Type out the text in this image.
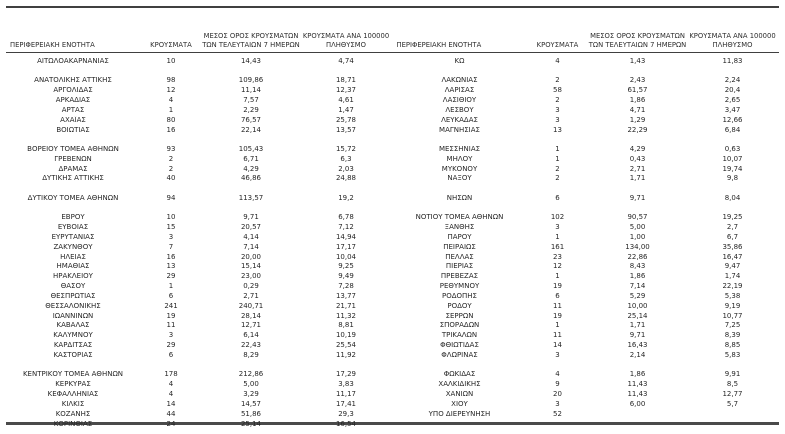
ΠΕΡΙΦΕΡΕΙΑΚΗ ΕΝΟΤΗΤΑ	ΚΡΟΥΣΜΑΤΑ
ΜΕΣΟΣ ΟΡΟΣ ΚΡΟΥΣΜΑΤΩΝ ΤΩΝ ΤΕΛΕΥΤΑΙΩΝ 7 ΗΜΕΡΩΝ
ΚΡΟΥΣΜΑΤΑ ΑΝΑ 100000 ΠΛΗΘΥΣΜΟ	ΠΕΡΙΦΕΡΕΙΑΚΗ ΕΝΟΤΗΤΑ	ΚΡΟΥΣΜΑΤΑ
ΜΕΣΟΣ ΟΡΟΣ ΚΡΟΥΣΜΑΤΩΝ ΤΩΝ ΤΕΛΕΥΤΑΙΩΝ 7 ΗΜΕΡΩΝ
ΚΡΟΥΣΜΑΤΑ ΑΝΑ 100000 ΠΛΗΘΥΣΜΟ
ΑΙΤΩΛΟΑΚΑΡΝΑΝΙΑΣ	10	14,43	4,74
ΑΝΑΤΟΛΙΚΗΣ ΑΤΤΙΚΗΣ	98	109,86	18,71
ΑΡΓΟΛΙΔΑΣ	12	11,14	12,37
ΑΡΚΑΔΙΑΣ	4	7,57	4,61
ΑΡΤΑΣ	1	2,29	1,47
ΑΧΑΪΑΣ	80	76,57	25,78
ΒΟΙΩΤΙΑΣ	16	22,14	13,57
ΒΟΡΕΙΟΥ ΤΟΜΕΑ ΑΘΗΝΩΝ	93	105,43	15,72
ΓΡΕΒΕΝΩΝ	2	6,71	6,3
ΔΡΑΜΑΣ	2	4,29	2,03
ΔΥΤΙΚΗΣ ΑΤΤΙΚΗΣ	40	46,86	24,88
ΔΥΤΙΚΟΥ ΤΟΜΕΑ ΑΘΗΝΩΝ	94	113,57	19,2
ΕΒΡΟΥ	10	9,71	6,78
ΕΥΒΟΙΑΣ	15	20,57	7,12
ΕΥΡΥΤΑΝΙΑΣ	3	4,14	14,94
ΖΑΚΥΝΘΟΥ	7	7,14	17,17
ΗΛΕΙΑΣ	16	20,00	10,04
ΗΜΑΘΙΑΣ	13	15,14	9,25
ΗΡΑΚΛΕΙΟΥ	29	23,00	9,49
ΘΑΣΟΥ	1	0,29	7,28
ΘΕΣΠΡΩΤΙΑΣ	6	2,71	13,77
ΘΕΣΣΑΛΟΝΙΚΗΣ	241	240,71	21,71
ΙΩΑΝΝΙΝΩΝ	19	28,14	11,32
ΚΑΒΑΛΑΣ	11	12,71	8,81
ΚΑΛΥΜΝΟΥ	3	6,14	10,19
ΚΑΡΔΙΤΣΑΣ	29	22,43	25,54
ΚΑΣΤΟΡΙΑΣ	6	8,29	11,92
ΚΕΝΤΡΙΚΟΥ ΤΟΜΕΑ ΑΘΗΝΩΝ	178	212,86	17,29
ΚΕΡΚΥΡΑΣ	4	5,00	3,83
ΚΕΦΑΛΛΗΝΙΑΣ	4	3,29	11,17
ΚΙΛΚΙΣ	14	14,57	17,41
ΚΟΖΑΝΗΣ	44	51,86	29,3
ΚΟΡΙΝΘΙΑΣ	24	25,14	16,54
ΚΩ	4	1,43	11,83
ΛΑΚΩΝΙΑΣ	2	2,43	2,24
ΛΑΡΙΣΑΣ	58	61,57	20,4
ΛΑΣΙΘΙΟΥ	2	1,86	2,65
ΛΕΣΒΟΥ	3	4,71	3,47
ΛΕΥΚΑΔΑΣ	3	1,29	12,66
ΜΑΓΝΗΣΙΑΣ	13	22,29	6,84
ΜΕΣΣΗΝΙΑΣ	1	4,29	0,63
ΜΗΛΟΥ	1	0,43	10,07
ΜΥΚΟΝΟΥ	2	2,71	19,74
ΝΑΞΟΥ	2	1,71	9,8
ΝΗΣΩΝ	6	9,71	8,04
ΝΟΤΙΟΥ ΤΟΜΕΑ ΑΘΗΝΩΝ	102	90,57	19,25
ΞΑΝΘΗΣ	3	5,00	2,7
ΠΑΡΟΥ	1	1,00	6,7
ΠΕΙΡΑΙΩΣ	161	134,00	35,86
ΠΕΛΛΑΣ	23	22,86	16,47
ΠΙΕΡΙΑΣ	12	8,43	9,47
ΠΡΕΒΕΖΑΣ	1	1,86	1,74
ΡΕΘΥΜΝΟΥ	19	7,14	22,19
ΡΟΔΟΠΗΣ	6	5,29	5,38
ΡΟΔΟΥ	11	10,00	9,19
ΣΕΡΡΩΝ	19	25,14	10,77
ΣΠΟΡΑΔΩΝ	1	1,71	7,25
ΤΡΙΚΑΛΩΝ	11	9,71	8,39
ΦΘΙΩΤΙΔΑΣ	14	16,43	8,85
ΦΛΩΡΙΝΑΣ	3	2,14	5,83
ΦΩΚΙΔΑΣ	4	1,86	9,91
ΧΑΛΚΙΔΙΚΗΣ	9	11,43	8,5
ΧΑΝΙΩΝ	20	11,43	12,77
ΧΙΟΥ	3	6,00	5,7
ΥΠΟ ΔΙΕΡΕΥΝΗΣΗ	52
